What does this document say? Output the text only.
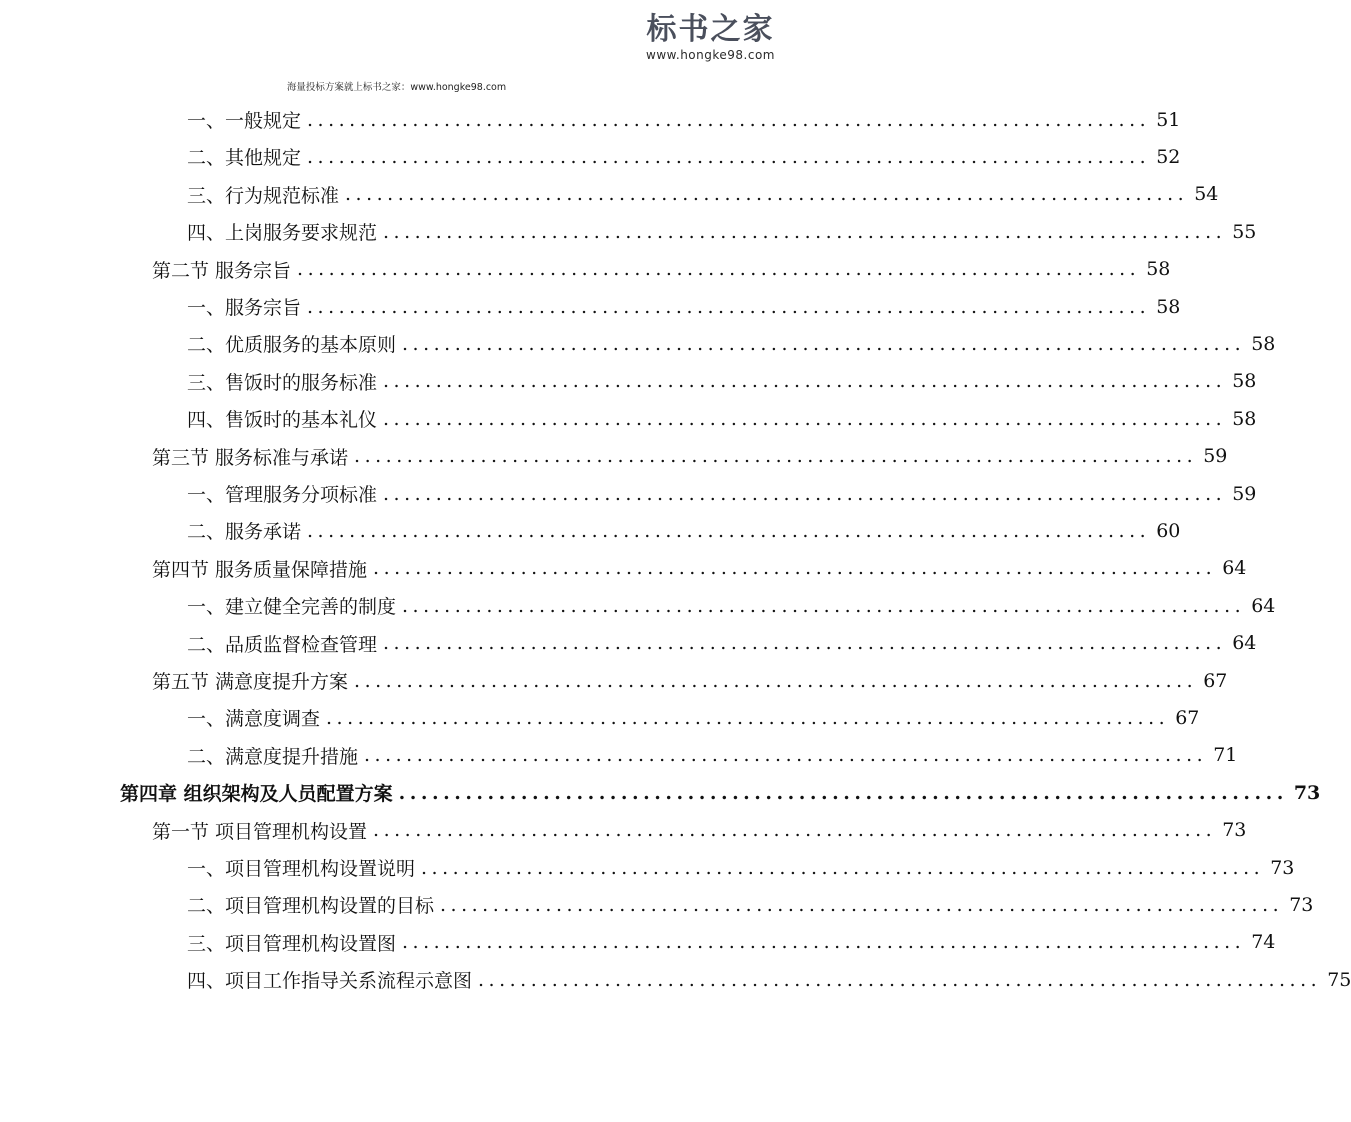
标书之家
www.hongke98.com
海量投标方案就上标书之家：www.hongke98.com
一、一般规定 ................................................................................ 51
二、其他规定 ................................................................................ 52
三、行为规范标准 ................................................................................ 54
四、上岗服务要求规范 ................................................................................ 55
第二节 服务宗旨 ................................................................................ 58
一、服务宗旨 ................................................................................ 58
二、优质服务的基本原则 ................................................................................ 58
三、售饭时的服务标准 ................................................................................ 58
四、售饭时的基本礼仪 ................................................................................ 58
第三节 服务标准与承诺 ................................................................................ 59
一、管理服务分项标准 ................................................................................ 59
二、服务承诺 ................................................................................ 60
第四节 服务质量保障措施 ................................................................................ 64
一、建立健全完善的制度 ................................................................................ 64
二、品质监督检查管理 ................................................................................ 64
第五节 满意度提升方案 ................................................................................ 67
一、满意度调查 ................................................................................ 67
二、满意度提升措施 ................................................................................ 71
第四章 组织架构及人员配置方案 ................................................................................ 73
第一节 项目管理机构设置 ................................................................................ 73
一、项目管理机构设置说明 ................................................................................ 73
二、项目管理机构设置的目标 ................................................................................ 73
三、项目管理机构设置图 ................................................................................ 74
四、项目工作指导关系流程示意图 ................................................................................ 75
